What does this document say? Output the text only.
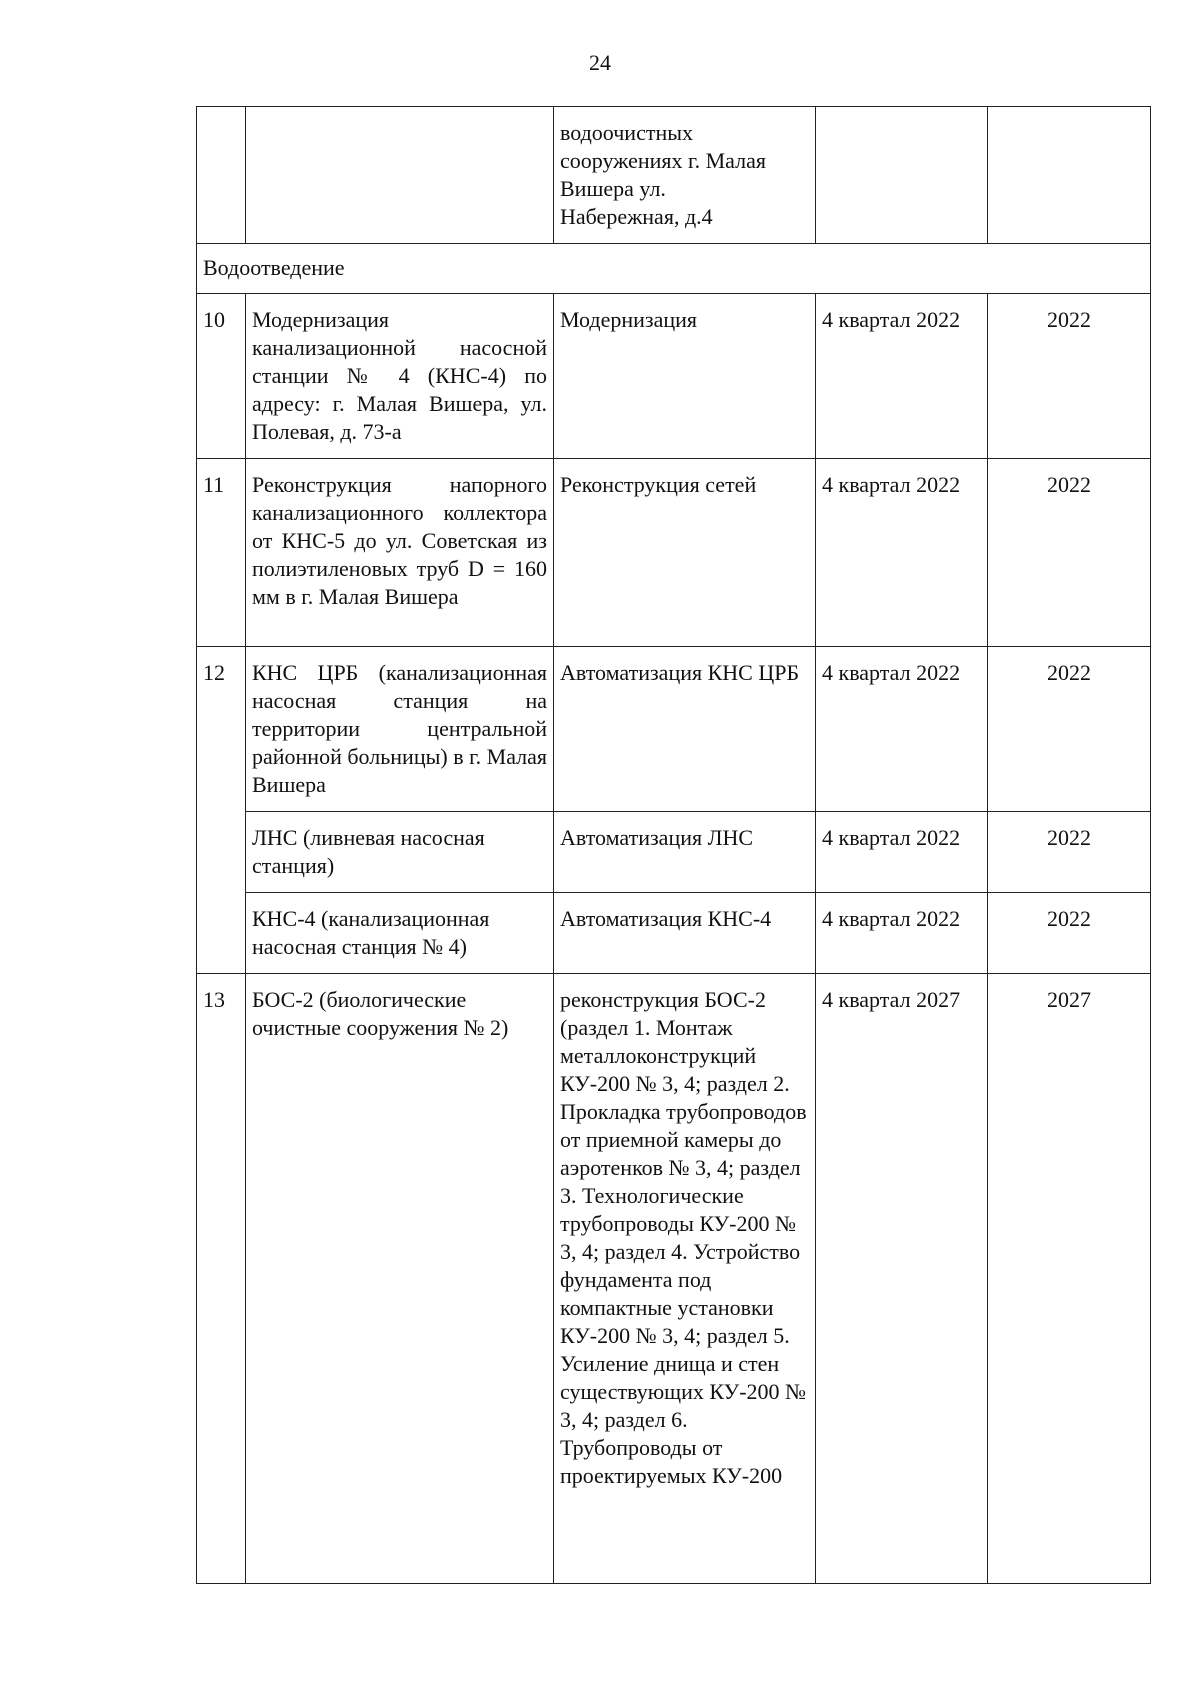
24

		водоочистных
сооружениях г. Малая
Вишера ул.
Набережная, д.4		

Водоотведение				
10	Модернизация канализационной насосной станции № 4 (КНС-4) по адресу: г. Малая Вишера, ул. Полевая, д. 73-а	Модернизация	4 квартал 2022	2022
11	Реконструкция напорного канализационного коллектора от КНС-5 до ул. Советская из полиэтиленовых труб D = 160 мм в г. Малая Вишера	Реконструкция сетей	4 квартал 2022	2022
12	КНС ЦРБ (канализационная насосная станция на территории центральной районной больницы) в г. Малая Вишера	Автоматизация КНС ЦРБ	4 квартал 2022	2022
	ЛНС (ливневая насосная станция)	Автоматизация ЛНС	4 квартал 2022	2022
	КНС-4 (канализационная насосная станция № 4)	Автоматизация КНС-4	4 квартал 2022	2022
13	БОС-2 (биологические очистные сооружения № 2)	реконструкция БОС-2 (раздел 1. Монтаж металлоконструкций КУ-200 № 3, 4; раздел 2. Прокладка трубопроводов от приемной камеры до аэротенков № 3, 4; раздел 3. Технологические трубопроводы КУ-200 № 3, 4; раздел 4. Устройство фундамента под компактные установки КУ-200 № 3, 4; раздел 5. Усиление днища и стен существующих КУ-200 № 3, 4; раздел 6. Трубопроводы от проектируемых КУ-200	4 квартал 2027	2027
